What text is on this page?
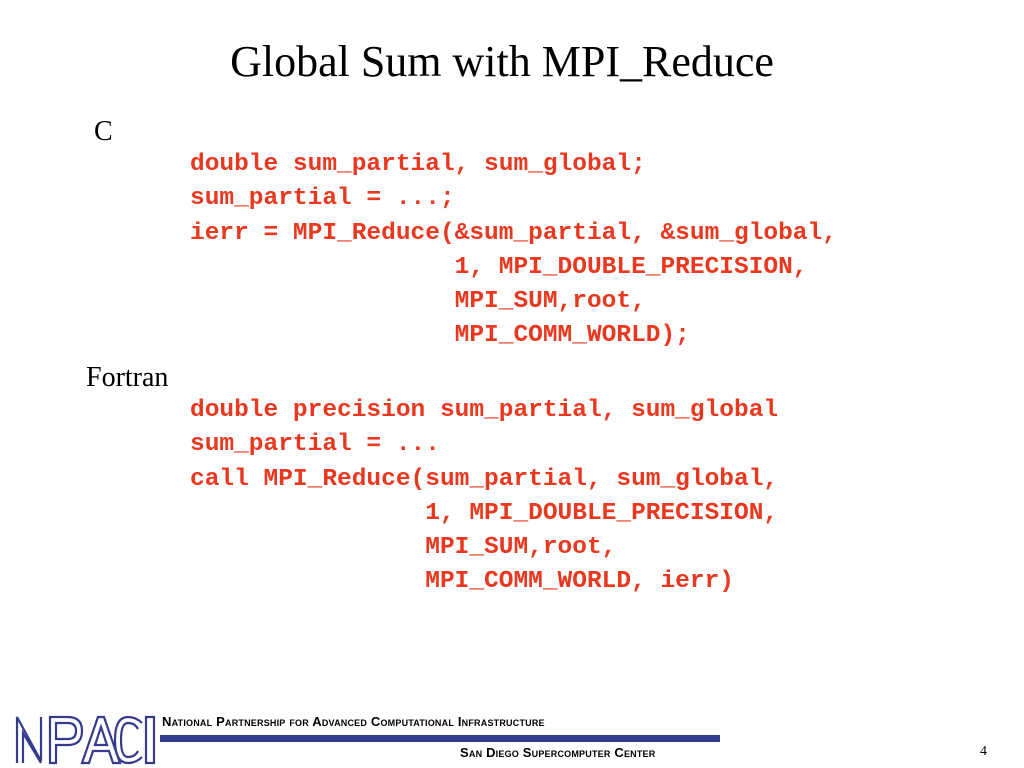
Global Sum with MPI_Reduce
C
double sum_partial, sum_global;
sum_partial = ...;
ierr = MPI_Reduce(&sum_partial, &sum_global,
1, MPI_DOUBLE_PRECISION,
MPI_SUM,root,
MPI_COMM_WORLD);
Fortran
double precision sum_partial, sum_global
sum_partial = ...
call MPI_Reduce(sum_partial, sum_global,
1, MPI_DOUBLE_PRECISION,
MPI_SUM,root,
MPI_COMM_WORLD, ierr)
National Partnership for Advanced Computational Infrastructure
San Diego Supercomputer Center	4
